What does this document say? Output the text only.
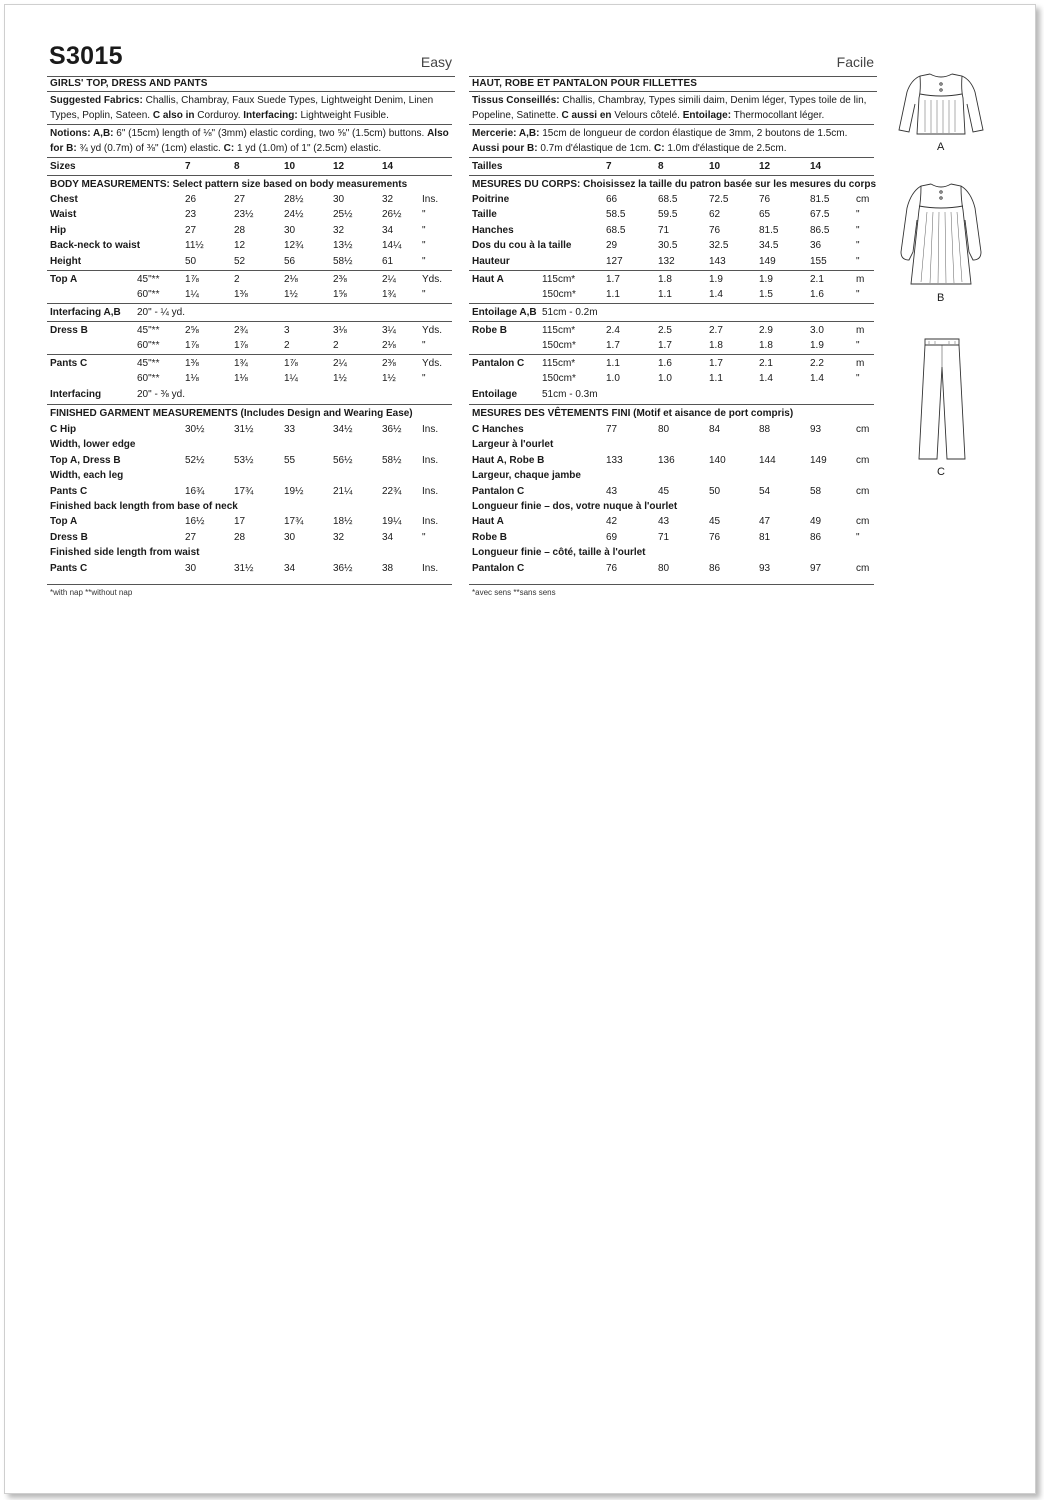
S3015	Easy	Facile
GIRLS' TOP, DRESS AND PANTS	HAUT, ROBE ET PANTALON POUR FILLETTES
Suggested Fabrics: Challis, Chambray, Faux Suede Types, Lightweight Denim, Linen Types, Poplin, Sateen. C also in Corduroy. Interfacing: Lightweight Fusible.
Tissus Conseillés: Challis, Chambray, Types simili daim, Denim léger, Types toile de lin, Popeline, Satinette. C aussi en Velours côtelé. Entoilage: Thermocollant léger.
Notions: A,B: 6" (15cm) length of ⅛" (3mm) elastic cording, two ⅝" (1.5cm) buttons. Also for B: ¾ yd (0.7m) of ⅜" (1cm) elastic. C: 1 yd (1.0m) of 1" (2.5cm) elastic.
Mercerie: A,B: 15cm de longueur de cordon élastique de 3mm, 2 boutons de 1.5cm. Aussi pour B: 0.7m d'élastique de 1cm. C: 1.0m d'élastique de 2.5cm.
Sizes	7	8	10	12	14	Tailles	7	8	10	12	14
BODY MEASUREMENTS: Select pattern size based on body measurements	MESURES DU CORPS: Choisissez la taille du patron basée sur les mesures du corps
Chest	26	27	28½	30	32	Ins.
Waist	23	23½	24½	25½	26½ "
Hip	27	28	30	32	34	"
Back-neck to waist	11½	12	12¾	13½	14¼ "
Height	50	52	56	58½	61	"
Top A	45"**	1⅞	2	2⅛	2⅜	2¼	Yds.
60"**	1¼	1⅜	1½	1⅝	1¾	"
Interfacing A,B 20" - ¼ yd.
Dress B	45"**	2⅝	2¾	3	3⅛	3¼	Yds.
60"**	1⅞	1⅞	2	2	2⅛	"
Pants C	45"**	1⅜	1¾	1⅞	2¼	2⅜	Yds.
60"**	1⅛	1⅛	1¼	1½	1½	"
Interfacing	20" - ⅜ yd.
FINISHED GARMENT MEASUREMENTS (Includes Design and Wearing Ease)
C Hip	30½	31½	33	34½	36½ Ins.
Width, lower edge
Top A, Dress B	52½	53½	55	56½	58½ Ins.
Width, each leg
Pants C	16¾	17¾	19½	21¼	22¾ Ins.
Finished back length from base of neck
Top A	16½	17	17¾	18½	19¼ Ins.
Dress B	27	28	30	32	34	"
Finished side length from waist
Pants C	30	31½	34	36½	38	Ins.
Poitrine	66	68.5	72.5	76	81.5	cm
Taille	58.5	59.5	62	65	67.5	"
Hanches	68.5	71	76	81.5	86.5	"
Dos du cou à la taille	29	30.5	32.5	34.5	36	"
Hauteur	127	132	143	149	155	"
Haut A	115cm*	1.7	1.8	1.9	1.9	2.1	m
150cm*	1.1	1.1	1.4	1.5	1.6	"
Entoilage A,B 51cm - 0.2m
Robe B	115cm*	2.4	2.5	2.7	2.9	3.0	m
150cm*	1.7	1.7	1.8	1.8	1.9	"
Pantalon C 115cm*	1.1	1.6	1.7	2.1	2.2	m
150cm*	1.0	1.0	1.1	1.4	1.4	"
Entoilage 51cm - 0.3m
MESURES DES VÊTEMENTS FINI (Motif et aisance de port compris)
C Hanches	77	80	84	88	93	cm
Largeur à l'ourlet
Haut A, Robe B	133	136	140	144	149	cm
Largeur, chaque jambe
Pantalon C	43	45	50	54	58	cm
Longueur finie – dos, votre nuque à l'ourlet
Haut A	42	43	45	47	49	cm
Robe B	69	71	76	81	86	"
Longueur finie – côté, taille à l'ourlet
Pantalon C	76	80	86	93	97	cm
*with nap **without nap	*avec sens **sans sens
A
B
C
